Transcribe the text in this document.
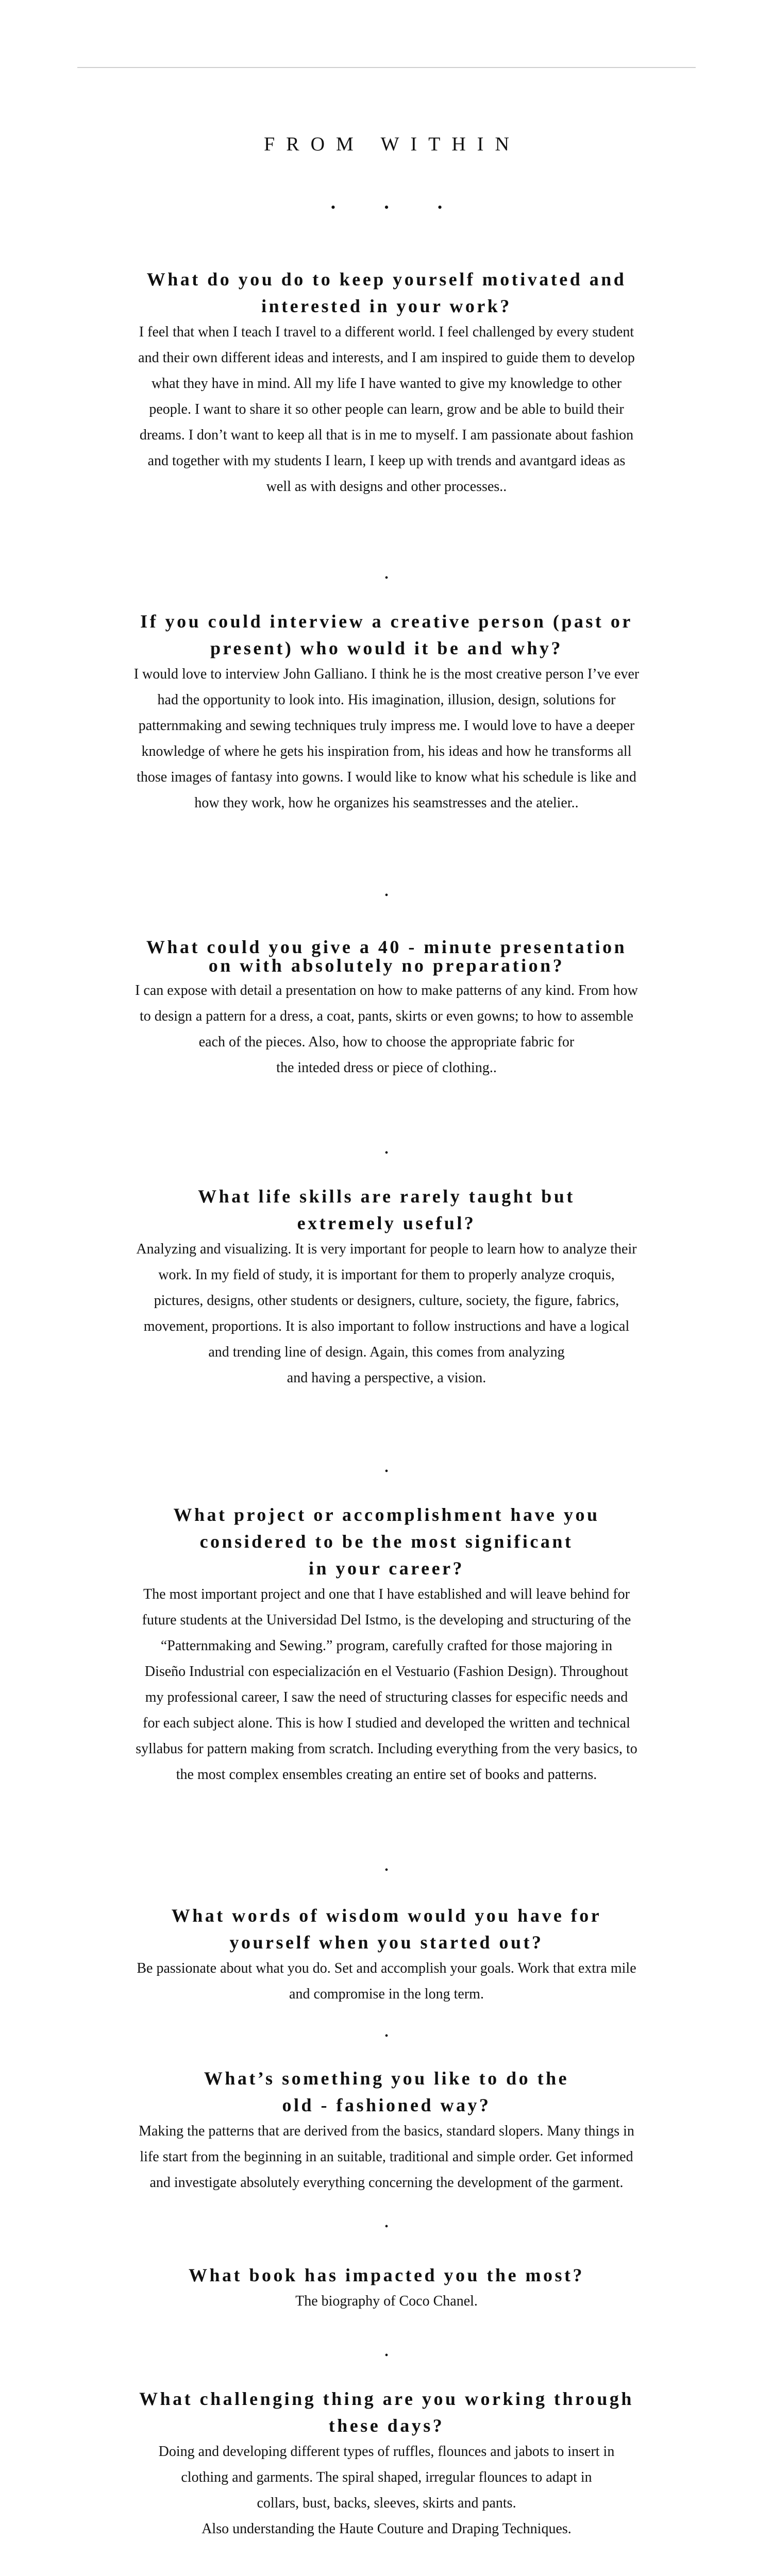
FROM WITHIN
• • •
What do you do to keep yourself motivated and
interested in your work?

I feel that when I teach I travel to a different world. I feel challenged by every student
and their own different ideas and interests, and I am inspired to guide them to develop
what they have in mind. All my life I have wanted to give my knowledge to other
people. I want to share it so other people can learn, grow and be able to build their
dreams. I don’t want to keep all that is in me to myself. I am passionate about fashion
and together with my students I learn, I keep up with trends and avantgard ideas as
well as with designs and other processes..

•
If you could interview a creative person (past or
present) who would it be and why?

I would love to interview John Galliano. I think he is the most creative person I’ve ever
had the opportunity to look into. His imagination, illusion, design, solutions for
patternmaking and sewing techniques truly impress me. I would love to have a deeper
knowledge of where he gets his inspiration from, his ideas and how he transforms all
those images of fantasy into gowns. I would like to know what his schedule is like and
how they work, how he organizes his seamstresses and the atelier..

•
What could you give a 40 - minute presentation
on with absolutely no preparation?

I can expose with detail a presentation on how to make patterns of any kind. From how
to design a pattern for a dress, a coat, pants, skirts or even gowns; to how to assemble
each of the pieces. Also, how to choose the appropriate fabric for
the inteded dress or piece of clothing..

•
What life skills are rarely taught but
extremely useful?

Analyzing and visualizing. It is very important for people to learn how to analyze their
work. In my field of study, it is important for them to properly analyze croquis,
pictures, designs, other students or designers, culture, society, the figure, fabrics,
movement, proportions. It is also important to follow instructions and have a logical
and trending line of design. Again, this comes from analyzing
and having a perspective, a vision.

•
What project or accomplishment have you
considered to be the most significant
in your career?

The most important project and one that I have established and will leave behind for
future students at the Universidad Del Istmo, is the developing and structuring of the
“Patternmaking and Sewing.” program, carefully crafted for those majoring in
Diseño Industrial con especialización en el Vestuario (Fashion Design). Throughout
my professional career, I saw the need of structuring classes for especific needs and
for each subject alone. This is how I studied and developed the written and technical
syllabus for pattern making from scratch. Including everything from the very basics, to
the most complex ensembles creating an entire set of books and patterns.

•
What words of wisdom would you have for
yourself when you started out?

Be passionate about what you do. Set and accomplish your goals. Work that extra mile
and compromise in the long term.

•
What’s something you like to do the
old - fashioned way?

Making the patterns that are derived from the basics, standard slopers. Many things in
life start from the beginning in an suitable, traditional and simple order. Get informed
and investigate absolutely everything concerning the development of the garment.

•
What book has impacted you the most?

The biography of Coco Chanel.

•
What challenging thing are you working through
these days?

Doing and developing different types of ruffles, flounces and jabots to insert in
clothing and garments. The spiral shaped, irregular flounces to adapt in
collars, bust, backs, sleeves, skirts and pants.
Also understanding the Haute Couture and Draping Techniques.
